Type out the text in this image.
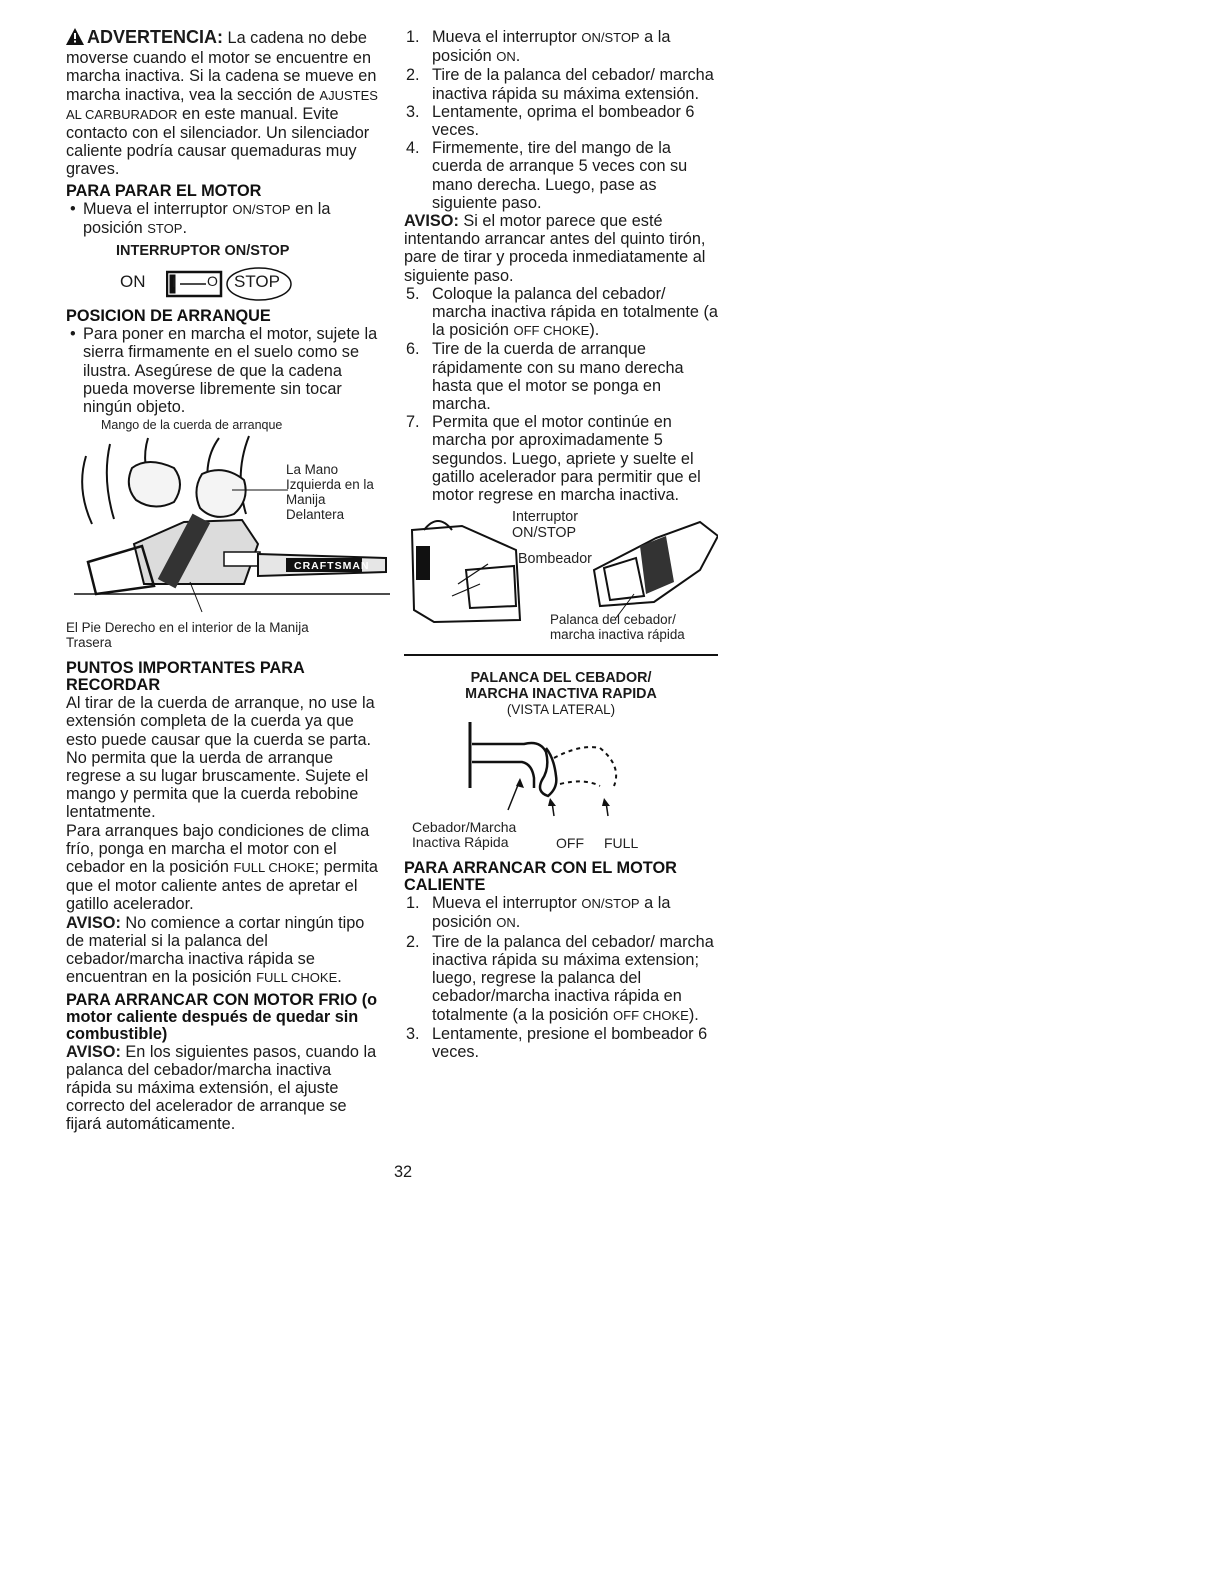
ADVERTENCIA: La cadena no debe moverse cuando el motor se encuentre en marcha inactiva. Si la cadena se mueve en marcha inactiva, vea la sección de AJUSTES AL CARBURADOR en este manual. Evite contacto con el silenciador. Un silenciador caliente podría causar quemaduras muy graves.

PARA PARAR EL MOTOR
• Mueva el interruptor ON/STOP en la posición STOP.
INTERRUPTOR ON/STOP
ON I O STOP
POSICION DE ARRANQUE
• Para poner en marcha el motor, sujete la sierra firmamente en el suelo como se ilustra. Asegúrese de que la cadena pueda moverse libremente sin tocar ningún objeto.
Mango de la cuerda de arranque
CRAFTSMAN
La Mano Izquierda en la Manija Delantera
El Pie Derecho en el interior de la Manija Trasera
PUNTOS IMPORTANTES PARA RECORDAR

Al tirar de la cuerda de arranque, no use la extensión completa de la cuerda ya que esto puede causar que la cuerda se parta. No permita que la uerda de arranque regrese a su lugar bruscamente. Sujete el mango y permita que la cuerda rebobine lentatmente.

Para arranques bajo condiciones de clima frío, ponga en marcha el motor con el cebador en la posición FULL CHOKE; permita que el motor caliente antes de apretar el gatillo acelerador.

AVISO: No comience a cortar ningún tipo de material si la palanca del cebador/marcha inactiva rápida se encuentran en la posición FULL CHOKE.

PARA ARRANCAR CON MOTOR FRIO (o motor caliente después de quedar sin combustible)

AVISO: En los siguientes pasos, cuando la palanca del cebador/marcha inactiva rápida su máxima extensión, el ajuste correcto del acelerador de arranque se fijará automáticamente.

1. Mueva el interruptor ON/STOP a la posición ON.
2. Tire de la palanca del cebador/ marcha inactiva rápida su máxima extensión.
3. Lentamente, oprima el bombeador 6 veces.
4. Firmemente, tire del mango de la cuerda de arranque 5 veces con su mano derecha. Luego, pase as siguiente paso.

AVISO: Si el motor parece que esté intentando arrancar antes del quinto tirón, pare de tirar y proceda inmediatamente al siguiente paso.

5. Coloque la palanca del cebador/ marcha inactiva rápida en totalmente (a la posición OFF CHOKE).
6. Tire de la cuerda de arranque rápidamente con su mano derecha hasta que el motor se ponga en marcha.
7. Permita que el motor continúe en marcha por aproximadamente 5 segundos. Luego, apriete y suelte el gatillo acelerador para permitir que el motor regrese en marcha inactiva.
Interruptor ON/STOP
Bombeador
Palanca del cebador/ marcha inactiva rápida
PALANCA DEL CEBADOR/
MARCHA INACTIVA RAPIDA
(VISTA LATERAL)
Cebador/Marcha Inactiva Rápida	OFF FULL
PARA ARRANCAR CON EL MOTOR CALIENTE
1. Mueva el interruptor ON/STOP a la posición ON.
2. Tire de la palanca del cebador/ marcha inactiva rápida su máxima extension; luego, regrese la palanca del cebador/marcha inactiva rápida en totalmente (a la posición OFF CHOKE).
3. Lentamente, presione el bombeador 6 veces.
32
